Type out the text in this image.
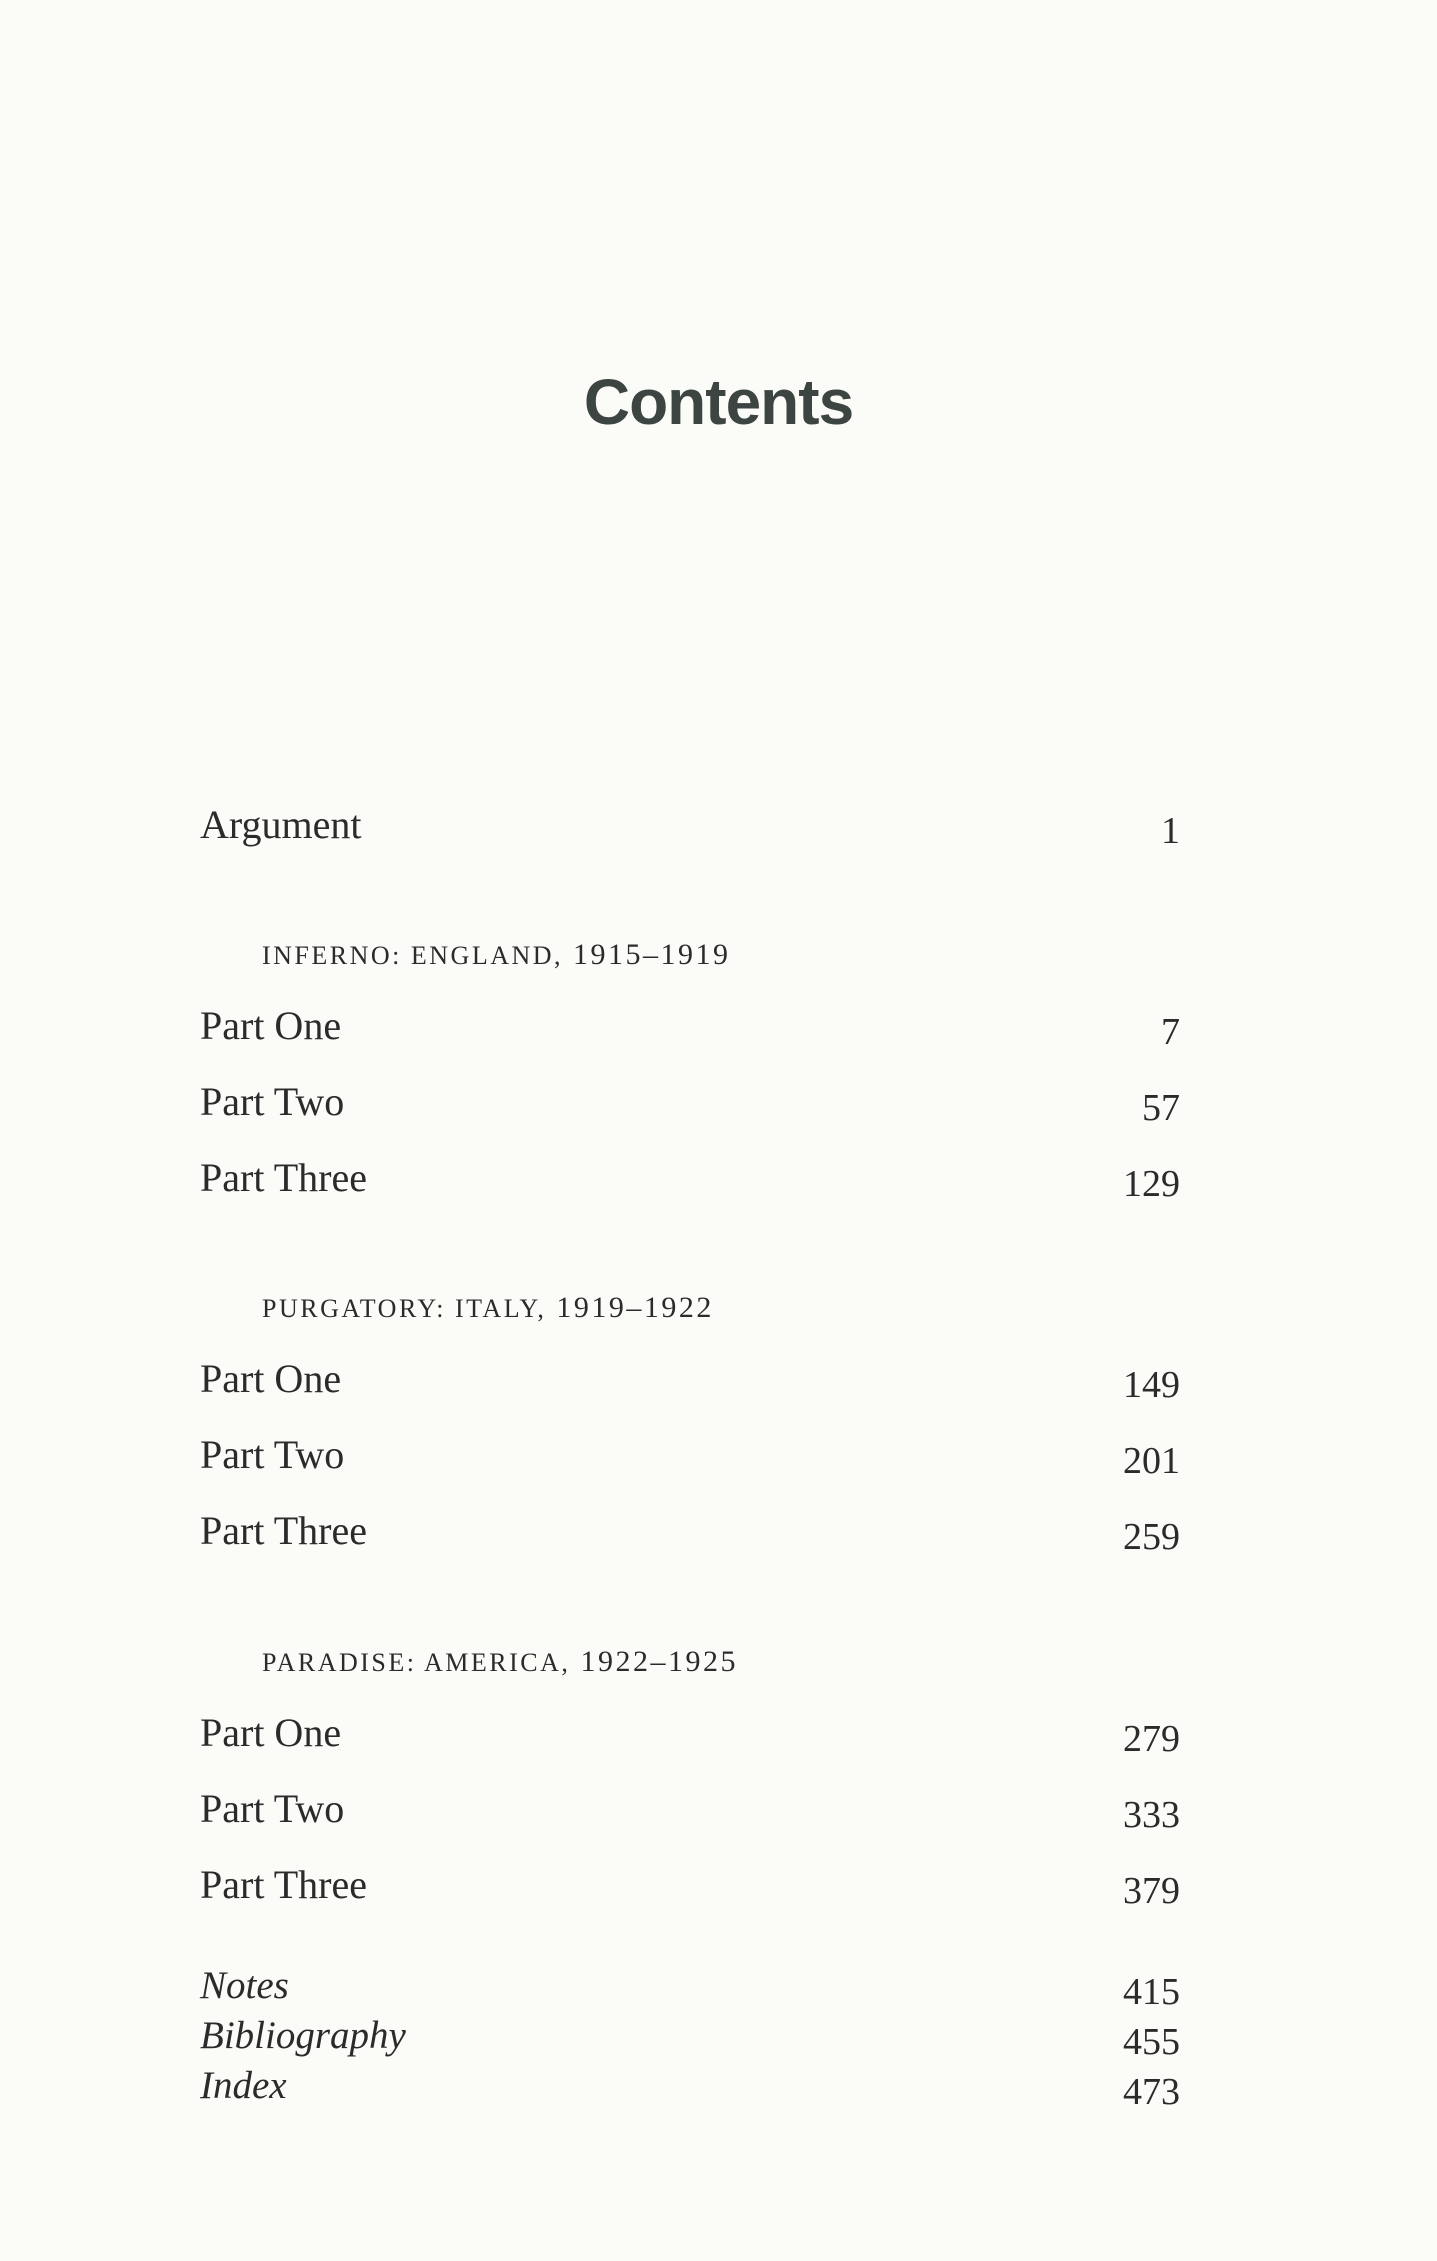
Contents
Argument	1
INFERNO: ENGLAND, 1915–1919
Part One	7
Part Two	57
Part Three	129
PURGATORY: ITALY, 1919–1922
Part One	149
Part Two	201
Part Three	259
PARADISE: AMERICA, 1922–1925
Part One	279
Part Two	333
Part Three	379
Notes	415
Bibliography	455
Index	473
